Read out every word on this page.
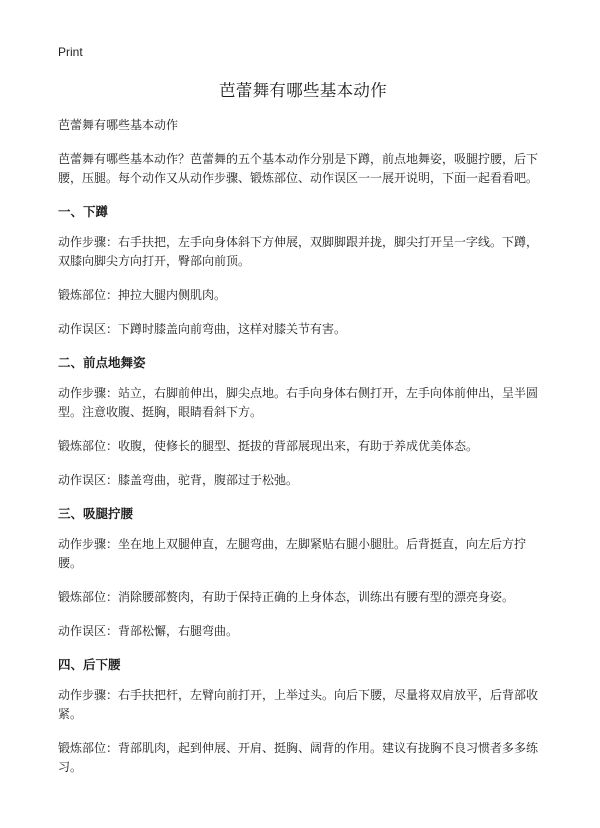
Print
芭蕾舞有哪些基本动作
芭蕾舞有哪些基本动作

芭蕾舞有哪些基本动作？芭蕾舞的五个基本动作分别是下蹲，前点地舞姿，吸腿拧腰，后下腰，压腿。每个动作又从动作步骤、锻炼部位、动作误区一一展开说明，下面一起看看吧。

一、下蹲

动作步骤：右手扶把，左手向身体斜下方伸展，双脚脚跟并拢，脚尖打开呈一字线。下蹲，双膝向脚尖方向打开，臀部向前顶。

锻炼部位：抻拉大腿内侧肌肉。

动作误区：下蹲时膝盖向前弯曲，这样对膝关节有害。

二、前点地舞姿

动作步骤：站立，右脚前伸出，脚尖点地。右手向身体右侧打开，左手向体前伸出，呈半圆型。注意收腹、挺胸，眼睛看斜下方。

锻炼部位：收腹，使修长的腿型、挺拔的背部展现出来，有助于养成优美体态。

动作误区：膝盖弯曲，驼背，腹部过于松弛。

三、吸腿拧腰

动作步骤：坐在地上双腿伸直，左腿弯曲，左脚紧贴右腿小腿肚。后背挺直，向左后方拧腰。

锻炼部位：消除腰部赘肉，有助于保持正确的上身体态，训练出有腰有型的漂亮身姿。

动作误区：背部松懈，右腿弯曲。

四、后下腰

动作步骤：右手扶把杆，左臂向前打开，上举过头。向后下腰，尽量将双肩放平，后背部收紧。

锻炼部位：背部肌肉，起到伸展、开肩、挺胸、阔背的作用。建议有拢胸不良习惯者多多练习。
